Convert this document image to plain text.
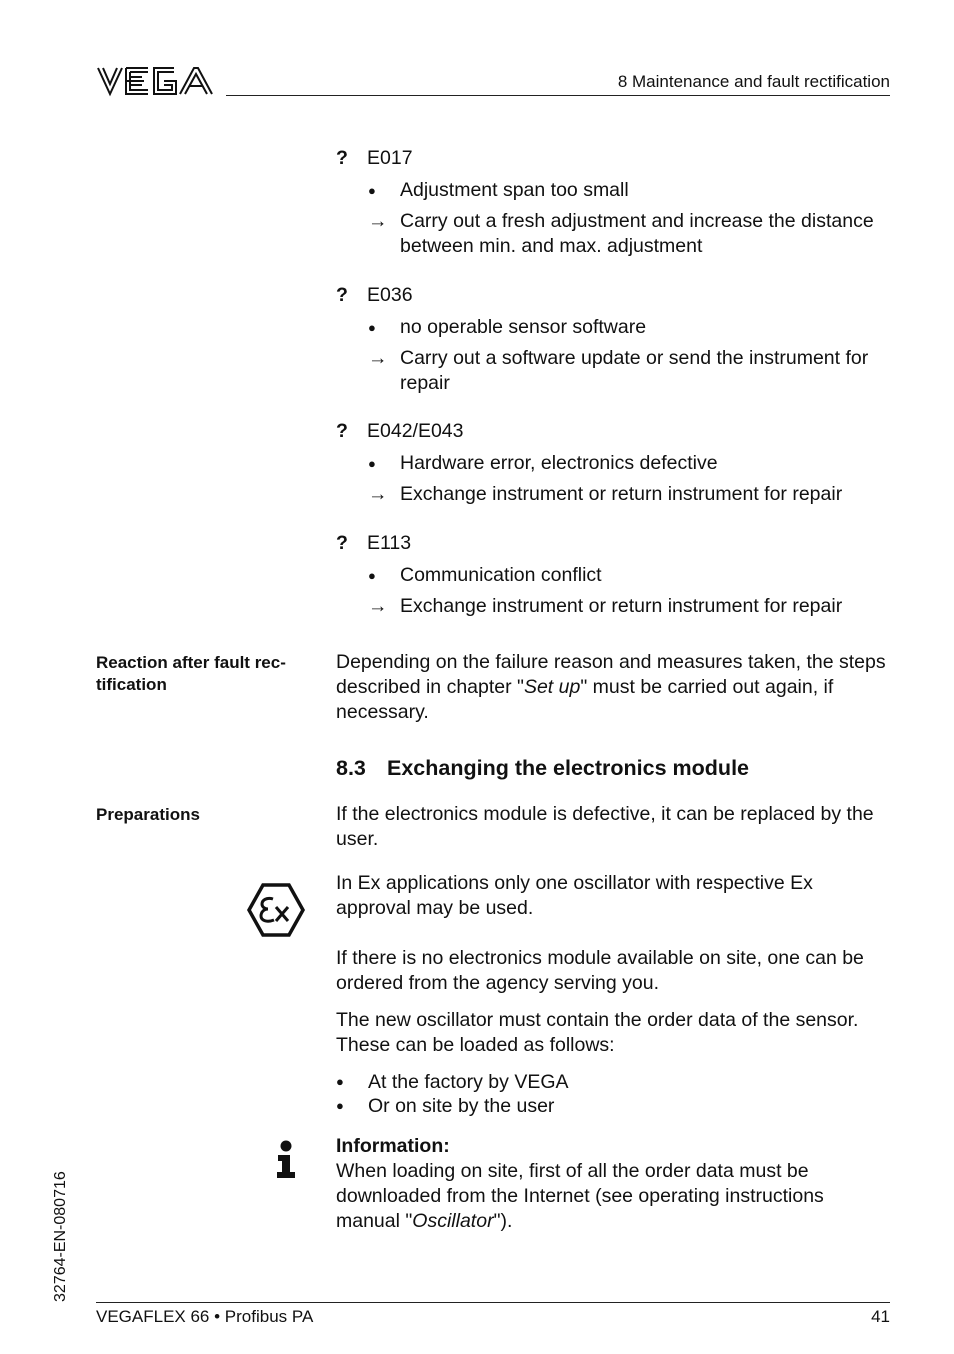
8 Maintenance and fault rectification
? E017
●	Adjustment span too small
→ Carry out a fresh adjustment and increase the distance between min. and max. adjustment
? E036
●	no operable sensor software
→ Carry out a software update or send the instrument for repair
? E042/E043
●	Hardware error, electronics defective
→ Exchange instrument or return instrument for repair
? E113
●	Communication conflict
→ Exchange instrument or return instrument for repair
Reaction after fault rec-tification
Depending on the failure reason and measures taken, the steps described in chapter "Set up" must be carried out again, if necessary.
8.3 Exchanging the electronics module
Preparations	If the electronics module is defective, it can be replaced by the user.
In Ex applications only one oscillator with respective Ex approval may be used.
If there is no electronics module available on site, one can be ordered from the agency serving you.
The new oscillator must contain the order data of the sensor. These can be loaded as follows:
●	At the factory by VEGA
●	Or on site by the user
Information:
When loading on site, first of all the order data must be downloaded from the Internet (see operating instructions manual "Oscillator").
32764-EN-080716
VEGAFLEX 66 • Profibus PA	41
